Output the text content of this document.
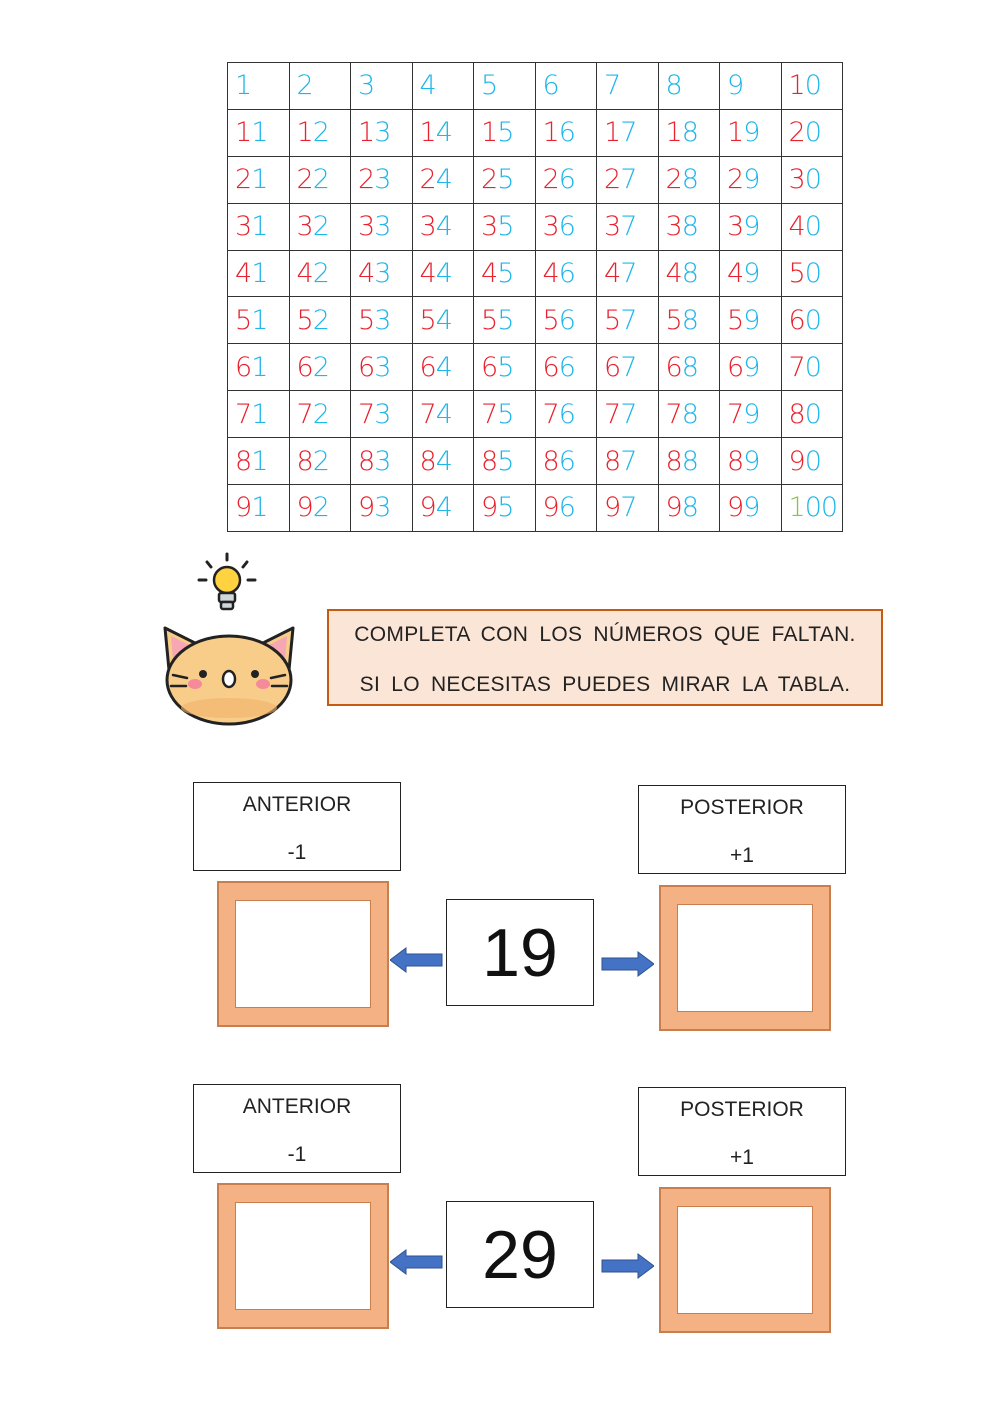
1	2	3	4	5	6	7	8	9	10
11	12	13	14	15	16	17	18	19	20
21	22	23	24	25	26	27	28	29	30
31	32	33	34	35	36	37	38	39	40
41	42	43	44	45	46	47	48	49	50
51	52	53	54	55	56	57	58	59	60
61	62	63	64	65	66	67	68	69	70
71	72	73	74	75	76	77	78	79	80
81	82	83	84	85	86	87	88	89	90
91	92	93	94	95	96	97	98	99	100
COMPLETA CON LOS NÚMEROS QUE FALTAN.
SI LO NECESITAS PUEDES MIRAR LA TABLA.
ANTERIOR
-1
POSTERIOR
+1
19
ANTERIOR
-1
POSTERIOR
+1
29
